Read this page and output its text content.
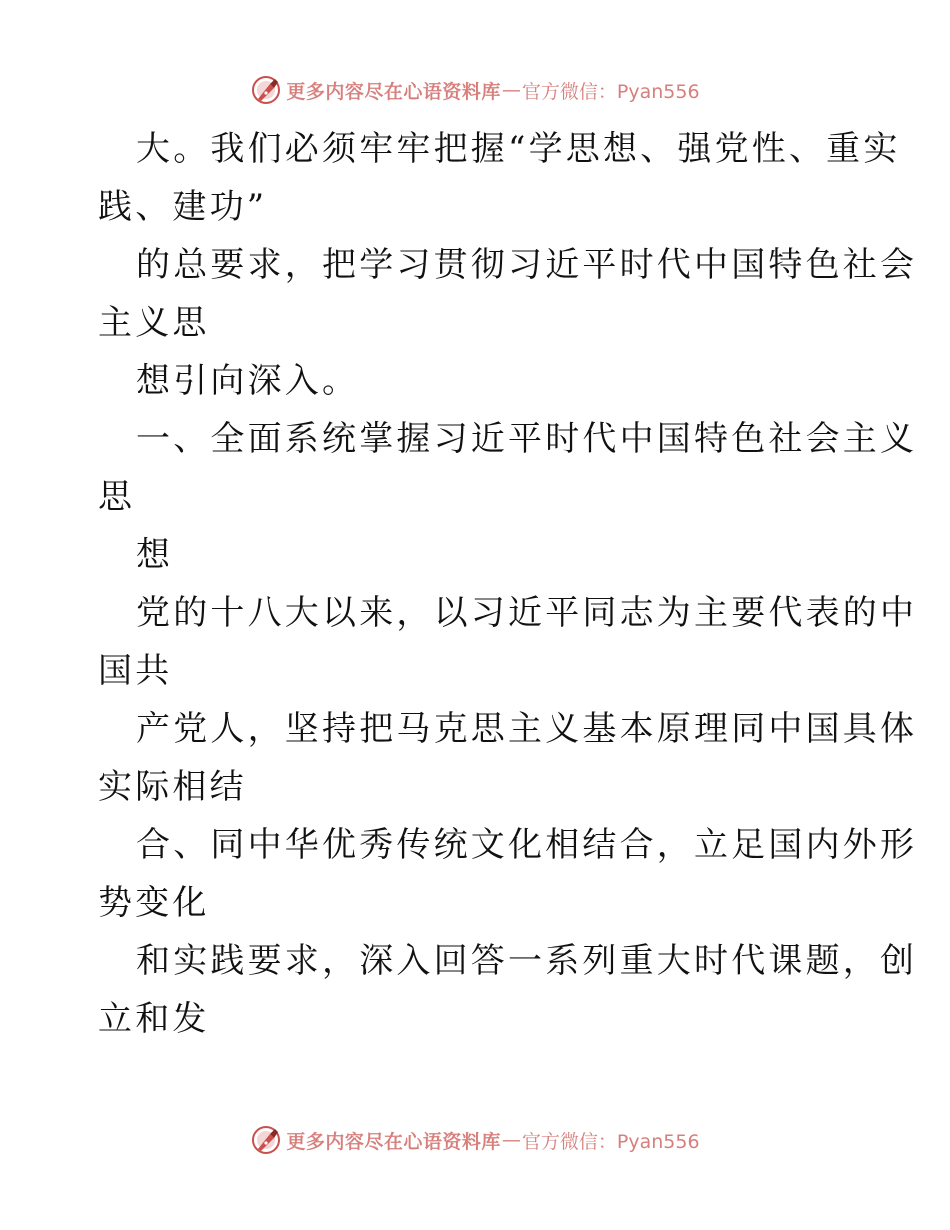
更多内容尽在心语资料库 — 官方微信：Pyan556
大。我们必须牢牢把握“学思想、强党性、重实
践、建功”
的总要求，把学习贯彻习近平时代中国特色社会
主义思
想引向深入。
一、全面系统掌握习近平时代中国特色社会主义
思
想
党的十八大以来，以习近平同志为主要代表的中
国共
产党人，坚持把马克思主义基本原理同中国具体
实际相结
合、同中华优秀传统文化相结合，立足国内外形
势变化
和实践要求，深入回答一系列重大时代课题，创
立和发
更多内容尽在心语资料库 — 官方微信：Pyan556
